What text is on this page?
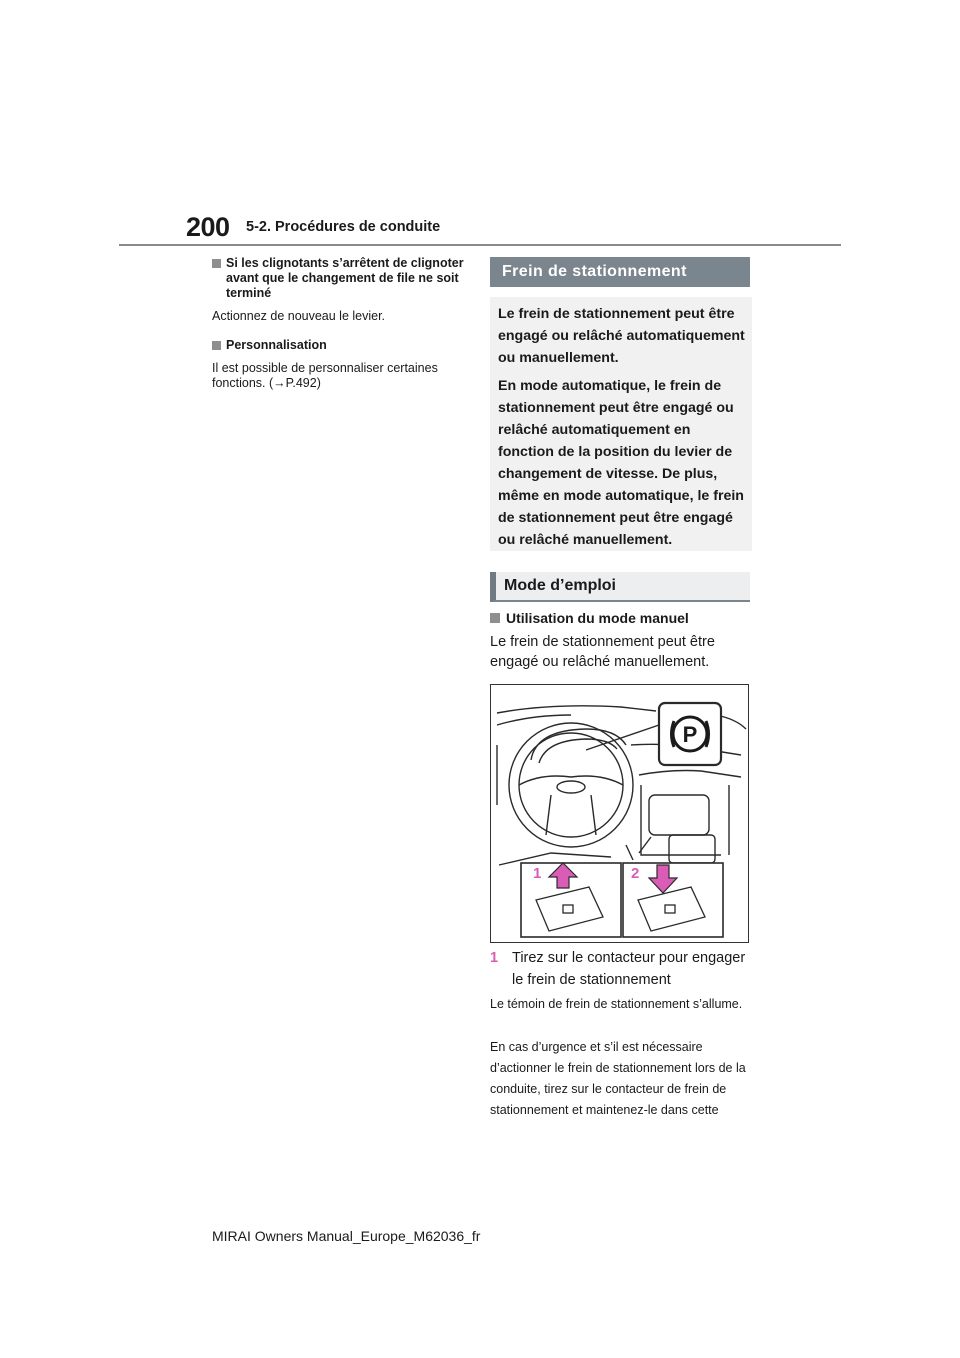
200 5-2. Procédures de conduite
Si les clignotants s’arrêtent de clignoter avant que le changement de file ne soit terminé

Actionnez de nouveau le levier.

Personnalisation

Il est possible de personnaliser certaines fonctions. (→P.492)

Frein de stationnement

Le frein de stationnement peut être engagé ou relâché automatiquement ou manuellement.

En mode automatique, le frein de stationnement peut être engagé ou relâché automatiquement en fonction de la position du levier de changement de vitesse. De plus, même en mode automatique, le frein de stationnement peut être engagé ou relâché manuellement.

Mode d’emploi
Utilisation du mode manuel
Le frein de stationnement peut être engagé ou relâché manuellement.
P
1	2
1 Tirez sur le contacteur pour engager le frein de stationnement
Le témoin de frein de stationnement s’allume.
En cas d’urgence et s’il est nécessaire d’actionner le frein de stationnement lors de la conduite, tirez sur le contacteur de frein de stationnement et maintenez-le dans cette
MIRAI Owners Manual_Europe_M62036_fr
